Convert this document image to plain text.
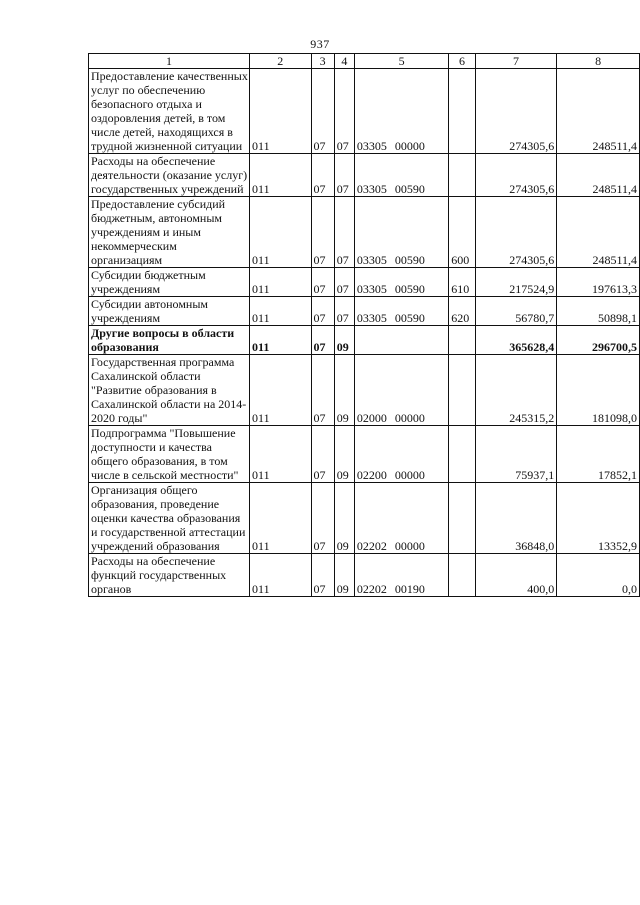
937
1	2	3	4	5	6	7	8
Предоставление качественных услуг по обеспечению безопасного отдыха и оздоровления детей, в том числе детей, находящихся в трудной жизненной ситуации	011	07	07	03305 00000		274305,6	248511,4
Расходы на обеспечение деятельности (оказание услуг) государственных учреждений	011	07	07	03305 00590		274305,6	248511,4
Предоставление субсидий бюджетным, автономным учреждениям и иным некоммерческим организациям	011	07	07	03305 00590	600	274305,6	248511,4
Субсидии бюджетным учреждениям	011	07	07	03305 00590	610	217524,9	197613,3
Субсидии автономным учреждениям	011	07	07	03305 00590	620	56780,7	50898,1
Другие вопросы в области образования	011	07	09			365628,4	296700,5
Государственная программа Сахалинской области "Развитие образования в Сахалинской области на 2014-2020 годы"	011	07	09	02000 00000		245315,2	181098,0
Подпрограмма "Повышение доступности и качества общего образования, в том числе в сельской местности"	011	07	09	02200 00000		75937,1	17852,1
Организация общего образования, проведение оценки качества образования и государственной аттестации учреждений образования	011	07	09	02202 00000		36848,0	13352,9
Расходы на обеспечение функций государственных органов	011	07	09	02202 00190		400,0	0,0
